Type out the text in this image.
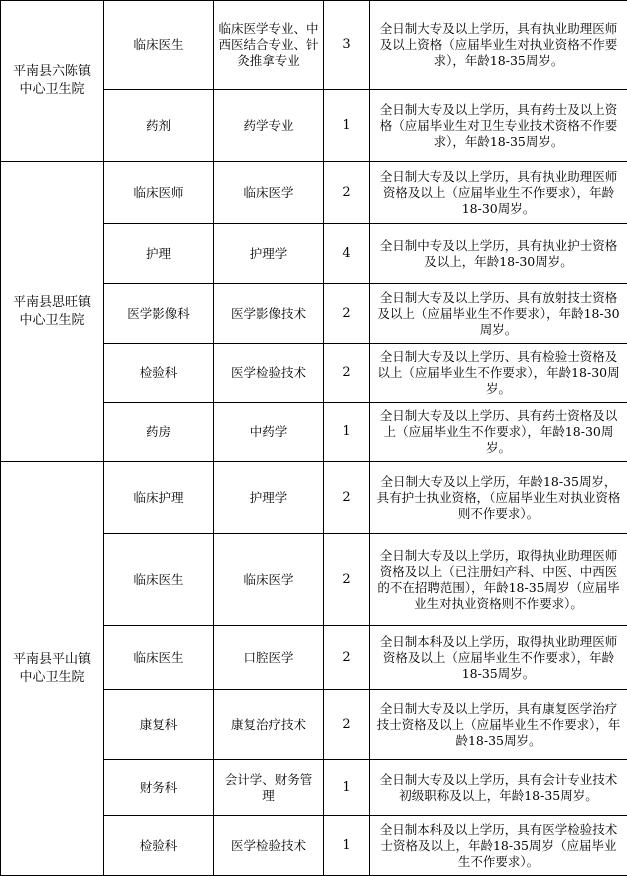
平南县六陈镇中心卫生院	临床医生	临床医学专业、中西医结合专业、针灸推拿专业	3	全日制大专及以上学历，具有执业助理医师及以上资格（应届毕业生对执业资格不作要求），年龄18-35周岁。
	药剂	药学专业	1	全日制大专及以上学历，具有药士及以上资格（应届毕业生对卫生专业技术资格不作要求），年龄18-35周岁。
平南县思旺镇中心卫生院	临床医师	临床医学	2	全日制大专及以上学历，具有执业助理医师资格及以上（应届毕业生不作要求），年龄18-30周岁。
	护理	护理学	4	全日制中专及以上学历，具有执业护士资格及以上，年龄18-30周岁。
	医学影像科	医学影像技术	2	全日制大专及以上学历、具有放射技士资格及以上（应届毕业生不作要求），年龄18-30周岁。
	检验科	医学检验技术	2	全日制大专及以上学历、具有检验士资格及以上（应届毕业生不作要求），年龄18-30周岁。
	药房	中药学	1	全日制大专及以上学历、具有药士资格及以上（应届毕业生不作要求），年龄18-30周岁。
平南县平山镇中心卫生院	临床护理	护理学	2	全日制大专及以上学历，年龄18-35周岁，具有护士执业资格，（应届毕业生对执业资格则不作要求）。
	临床医生	临床医学	2	全日制大专及以上学历，取得执业助理医师资格及以上（已注册妇产科、中医、中西医的不在招聘范围），年龄18-35周岁（应届毕业生对执业资格则不作要求）。
	临床医生	口腔医学	2	全日制本科及以上学历，取得执业助理医师资格及以上（应届毕业生不作要求），年龄18-35周岁。
	康复科	康复治疗技术	2	全日制大专及以上学历，具有康复医学治疗技士资格及以上（应届毕业生不作要求），年龄18-35周岁。
	财务科	会计学、财务管理	1	全日制大专及以上学历，具有会计专业技术初级职称及以上，年龄18-35周岁。
	检验科	医学检验技术	1	全日制本科及以上学历，具有医学检验技术士资格及以上，年龄18-35周岁（应届毕业生不作要求）。
